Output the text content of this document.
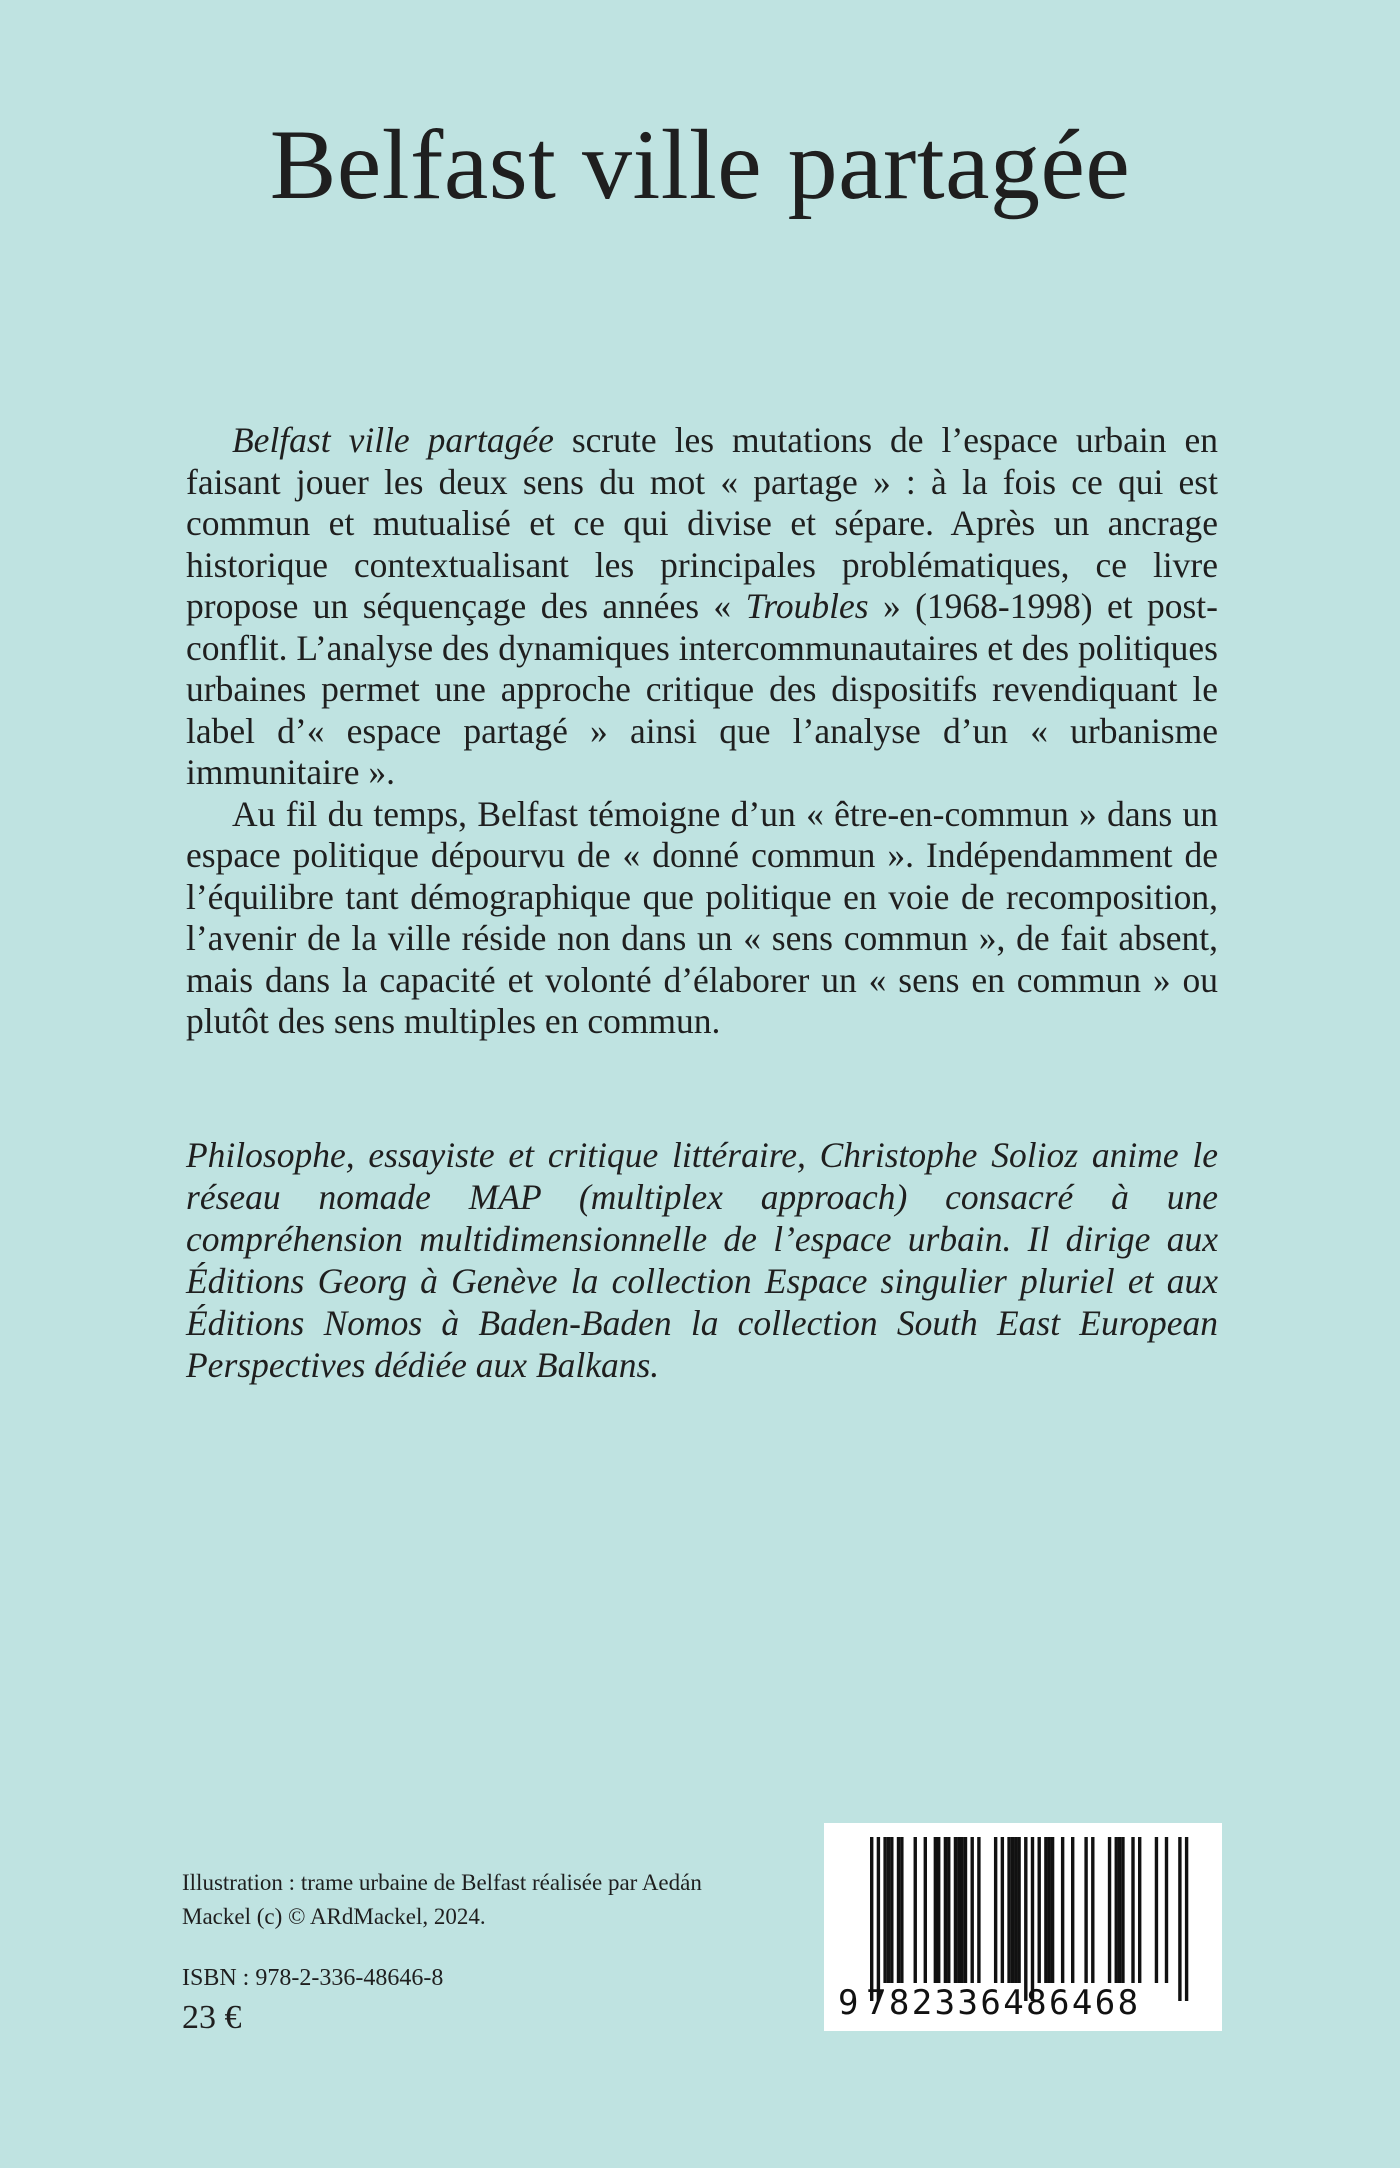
Belfast ville partagée

Belfast ville partagée scrute les mutations de l’espace urbain en faisant jouer les deux sens du mot « partage » : à la fois ce qui est commun et mutualisé et ce qui divise et sépare. Après un ancrage historique contextualisant les principales problématiques, ce livre propose un séquençage des années « Troubles » (1968-1998) et post-conflit. L’analyse des dynamiques intercommunautaires et des politiques urbaines permet une approche critique des dispositifs revendiquant le label d’« espace partagé » ainsi que l’analyse d’un « urbanisme immunitaire ».

Au fil du temps, Belfast témoigne d’un « être-en-commun » dans un espace politique dépourvu de « donné commun ». Indépendamment de l’équilibre tant démographique que politique en voie de recomposition, l’avenir de la ville réside non dans un « sens commun », de fait absent, mais dans la capacité et volonté d’élaborer un « sens en commun » ou plutôt des sens multiples en commun.

Philosophe, essayiste et critique littéraire, Christophe Solioz anime le réseau nomade MAP (multiplex approach) consacré à une compréhension multidimensionnelle de l’espace urbain. Il dirige aux Éditions Georg à Genève la collection Espace singulier pluriel et aux Éditions Nomos à Baden-Baden la collection South East European Perspectives dédiée aux Balkans.

Illustration : trame urbaine de Belfast réalisée par Aedán Mackel (c) © ARdMackel, 2024.

ISBN : 978-2-336-48646-8

23 €	9 782336486468
